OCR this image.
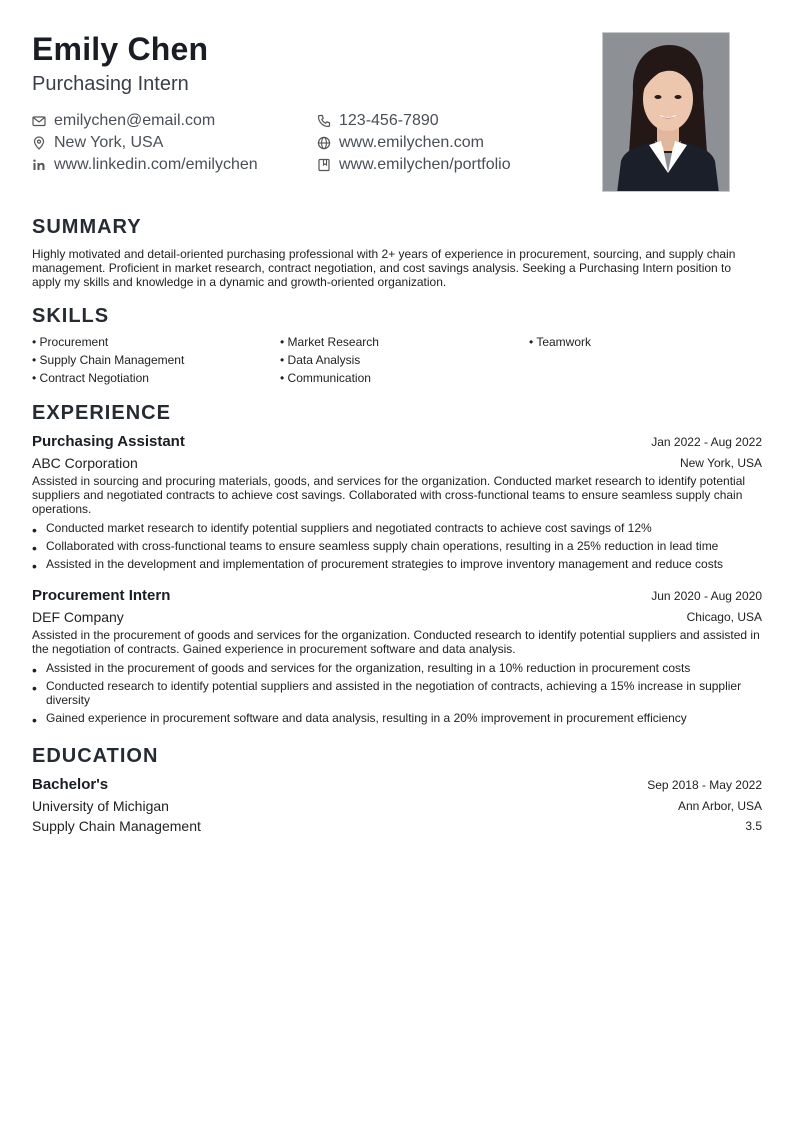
Emily Chen
Purchasing Intern
emilychen@email.com
New York, USA
www.linkedin.com/emilychen
123-456-7890
www.emilychen.com
www.emilychen/portfolio
SUMMARY
Highly motivated and detail-oriented purchasing professional with 2+ years of experience in procurement, sourcing, and supply chain management. Proficient in market research, contract negotiation, and cost savings analysis. Seeking a Purchasing Intern position to apply my skills and knowledge in a dynamic and growth-oriented organization.
SKILLS
• Procurement	• Market Research	• Teamwork
• Supply Chain Management	• Data Analysis
• Contract Negotiation	• Communication
EXPERIENCE
Purchasing Assistant	Jan 2022 - Aug 2022
ABC Corporation	New York, USA
Assisted in sourcing and procuring materials, goods, and services for the organization. Conducted market research to identify potential suppliers and negotiated contracts to achieve cost savings. Collaborated with cross-functional teams to ensure seamless supply chain operations.
• Conducted market research to identify potential suppliers and negotiated contracts to achieve cost savings of 12%
• Collaborated with cross-functional teams to ensure seamless supply chain operations, resulting in a 25% reduction in lead time
• Assisted in the development and implementation of procurement strategies to improve inventory management and reduce costs
Procurement Intern	Jun 2020 - Aug 2020
DEF Company	Chicago, USA
Assisted in the procurement of goods and services for the organization. Conducted research to identify potential suppliers and assisted in the negotiation of contracts. Gained experience in procurement software and data analysis.
• Assisted in the procurement of goods and services for the organization, resulting in a 10% reduction in procurement costs
• Conducted research to identify potential suppliers and assisted in the negotiation of contracts, achieving a 15% increase in supplier diversity
• Gained experience in procurement software and data analysis, resulting in a 20% improvement in procurement efficiency
EDUCATION
Bachelor's	Sep 2018 - May 2022
University of Michigan	Ann Arbor, USA
Supply Chain Management	3.5
